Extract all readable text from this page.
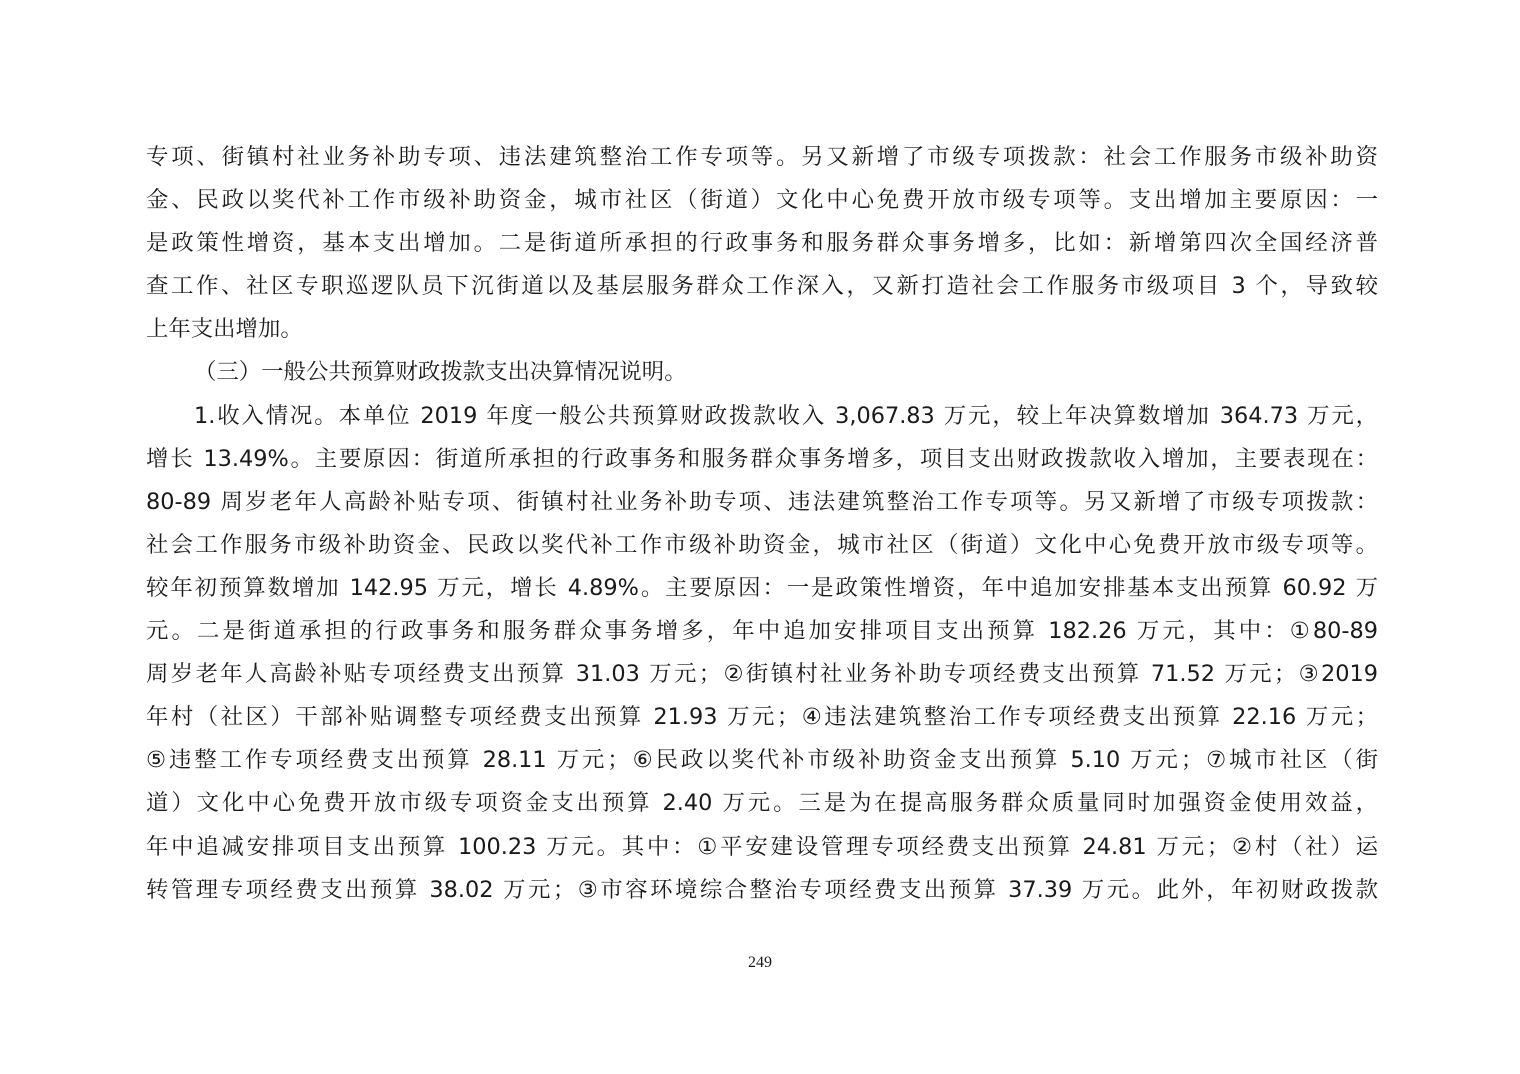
专项、街镇村社业务补助专项、违法建筑整治工作专项等。另又新增了市级专项拨款：社会工作服务市级补助资
金、民政以奖代补工作市级补助资金，城市社区（街道）文化中心免费开放市级专项等。支出增加主要原因：一
是政策性增资，基本支出增加。二是街道所承担的行政事务和服务群众事务增多，比如：新增第四次全国经济普
查工作、社区专职巡逻队员下沉街道以及基层服务群众工作深入，又新打造社会工作服务市级项目 3 个，导致较
上年支出增加。
（三）一般公共预算财政拨款支出决算情况说明。
1.收入情况。本单位 2019 年度一般公共预算财政拨款收入 3,067.83 万元，较上年决算数增加 364.73 万元，
增长 13.49%。主要原因：街道所承担的行政事务和服务群众事务增多，项目支出财政拨款收入增加，主要表现在：
80-89 周岁老年人高龄补贴专项、街镇村社业务补助专项、违法建筑整治工作专项等。另又新增了市级专项拨款：
社会工作服务市级补助资金、民政以奖代补工作市级补助资金，城市社区（街道）文化中心免费开放市级专项等。
较年初预算数增加 142.95 万元，增长 4.89%。主要原因：一是政策性增资，年中追加安排基本支出预算 60.92 万
元。二是街道承担的行政事务和服务群众事务增多，年中追加安排项目支出预算 182.26 万元，其中：①80-89
周岁老年人高龄补贴专项经费支出预算 31.03 万元；②街镇村社业务补助专项经费支出预算 71.52 万元；③2019
年村（社区）干部补贴调整专项经费支出预算 21.93 万元；④违法建筑整治工作专项经费支出预算 22.16 万元；
⑤违整工作专项经费支出预算 28.11 万元；⑥民政以奖代补市级补助资金支出预算 5.10 万元；⑦城市社区（街
道）文化中心免费开放市级专项资金支出预算 2.40 万元。三是为在提高服务群众质量同时加强资金使用效益，
年中追减安排项目支出预算 100.23 万元。其中：①平安建设管理专项经费支出预算 24.81 万元；②村（社）运
转管理专项经费支出预算 38.02 万元；③市容环境综合整治专项经费支出预算 37.39 万元。此外，年初财政拨款
249
